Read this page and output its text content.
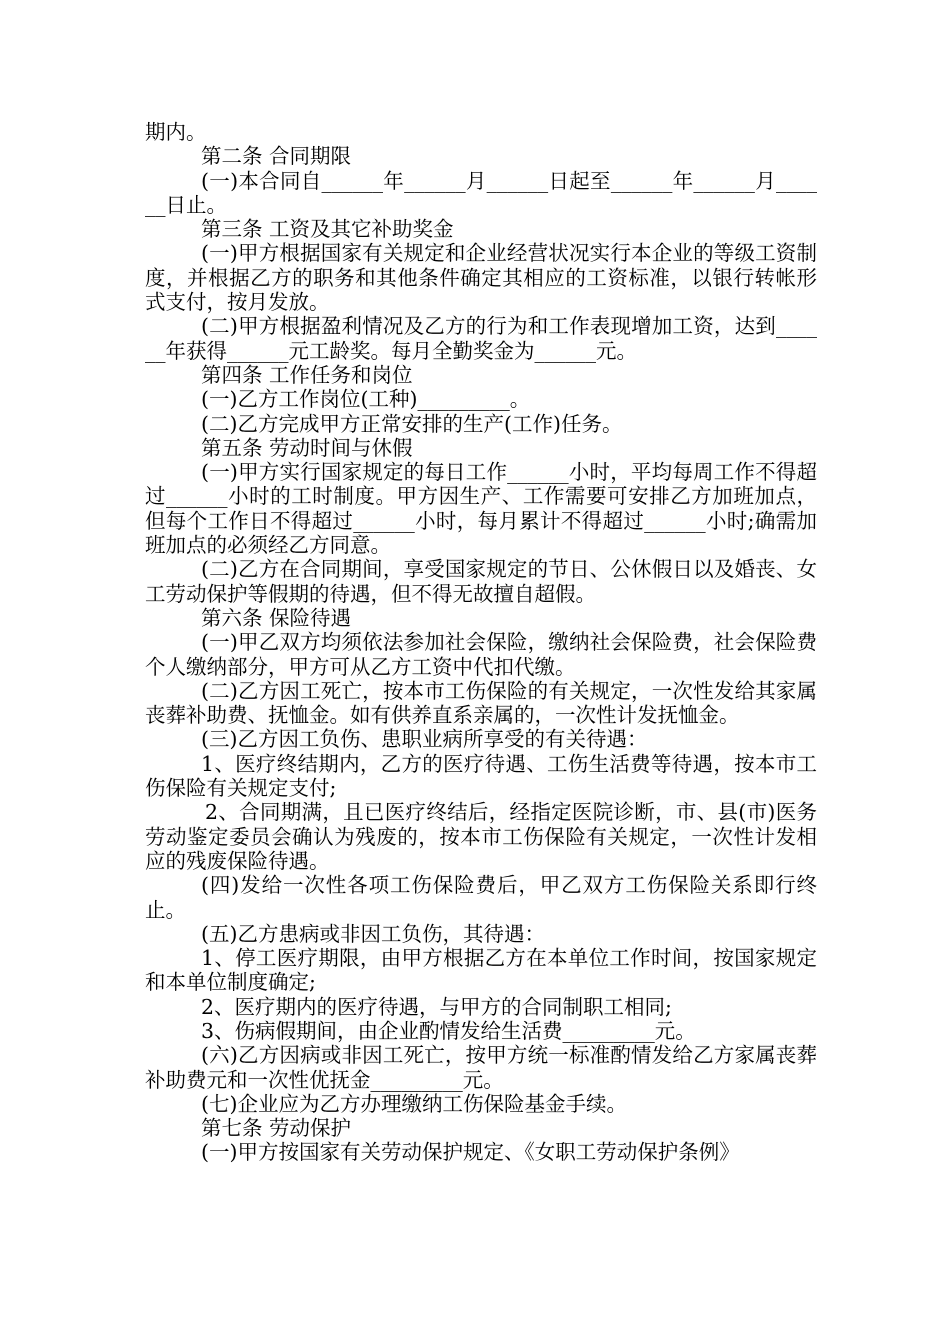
期内。

第二条 合同期限

(一)本合同自______年______月______日起至______年______月______日止。

第三条 工资及其它补助奖金

(一)甲方根据国家有关规定和企业经营状况实行本企业的等级工资制度，并根据乙方的职务和其他条件确定其相应的工资标准，以银行转帐形式支付，按月发放。

(二)甲方根据盈利情况及乙方的行为和工作表现增加工资，达到______年获得______元工龄奖。每月全勤奖金为______元。

第四条 工作任务和岗位

(一)乙方工作岗位(工种)_________。

(二)乙方完成甲方正常安排的生产(工作)任务。

第五条 劳动时间与休假

(一)甲方实行国家规定的每日工作______小时，平均每周工作不得超过______小时的工时制度。甲方因生产、工作需要可安排乙方加班加点，但每个工作日不得超过______小时，每月累计不得超过______小时;确需加班加点的必须经乙方同意。

(二)乙方在合同期间，享受国家规定的节日、公休假日以及婚丧、女工劳动保护等假期的待遇，但不得无故擅自超假。

第六条 保险待遇

(一)甲乙双方均须依法参加社会保险，缴纳社会保险费，社会保险费个人缴纳部分，甲方可从乙方工资中代扣代缴。

(二)乙方因工死亡，按本市工伤保险的有关规定，一次性发给其家属丧葬补助费、抚恤金。如有供养直系亲属的，一次性计发抚恤金。

(三)乙方因工负伤、患职业病所享受的有关待遇：

1、医疗终结期内，乙方的医疗待遇、工伤生活费等待遇，按本市工伤保险有关规定支付;

2、合同期满，且已医疗终结后，经指定医院诊断，市、县(市)医务劳动鉴定委员会确认为残废的，按本市工伤保险有关规定，一次性计发相应的残废保险待遇。

(四)发给一次性各项工伤保险费后，甲乙双方工伤保险关系即行终止。

(五)乙方患病或非因工负伤，其待遇：

1、停工医疗期限，由甲方根据乙方在本单位工作时间，按国家规定和本单位制度确定;

2、医疗期内的医疗待遇，与甲方的合同制职工相同;

3、伤病假期间，由企业酌情发给生活费_________元。

(六)乙方因病或非因工死亡，按甲方统一标准酌情发给乙方家属丧葬补助费元和一次性优抚金_________元。

(七)企业应为乙方办理缴纳工伤保险基金手续。

第七条 劳动保护

(一)甲方按国家有关劳动保护规定、《女职工劳动保护条例》
